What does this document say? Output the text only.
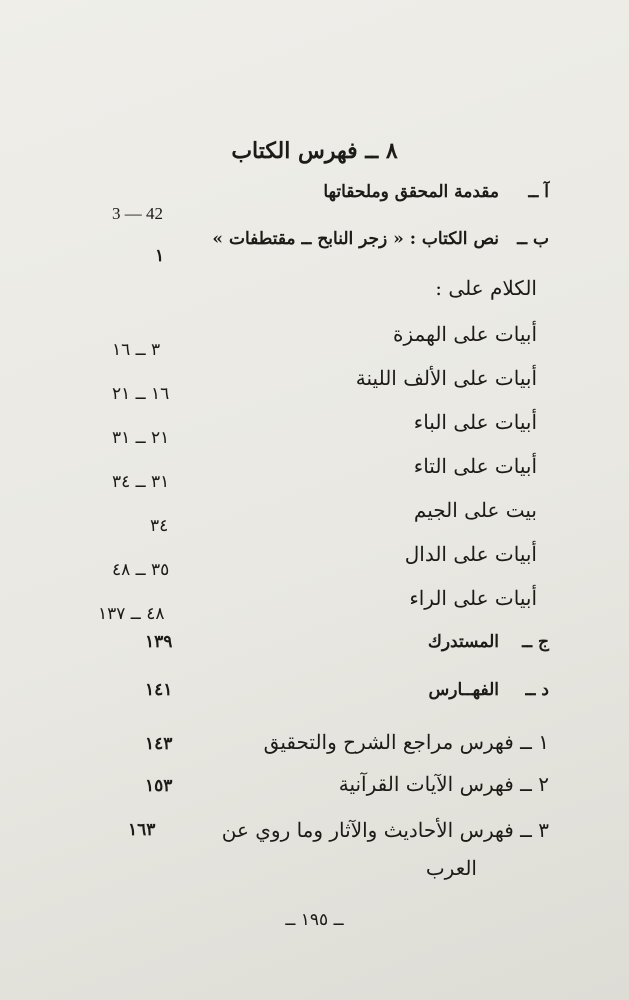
٨ ــ فهرس الكتاب
آ ــ
مقدمة المحقق وملحقاتها
3 — 42
ب ــ
نص الكتاب : « زجر النابح ــ مقتطفات »
١
الكلام على :
أبيات على الهمزة
٣ ــ ١٦
أبيات على الألف اللينة
١٦ ــ ٢١
أبيات على الباء
٢١ ــ ٣١
أبيات على التاء
٣١ ــ ٣٤
بيت على الجيم
٣٤
أبيات على الدال
٣٥ ــ ٤٨
أبيات على الراء
٤٨ ــ ١٣٧
ج ــ
المستدرك
١٣٩
د ــ
الفهــارس
١٤١
١ ــ فهرس مراجع الشرح والتحقيق
١٤٣
٢ ــ فهرس الآيات القرآنية
١٥٣
٣ ــ فهرس الأحاديث والآثار وما روي عن
١٦٣
العرب
ــ ١٩٥ ــ
